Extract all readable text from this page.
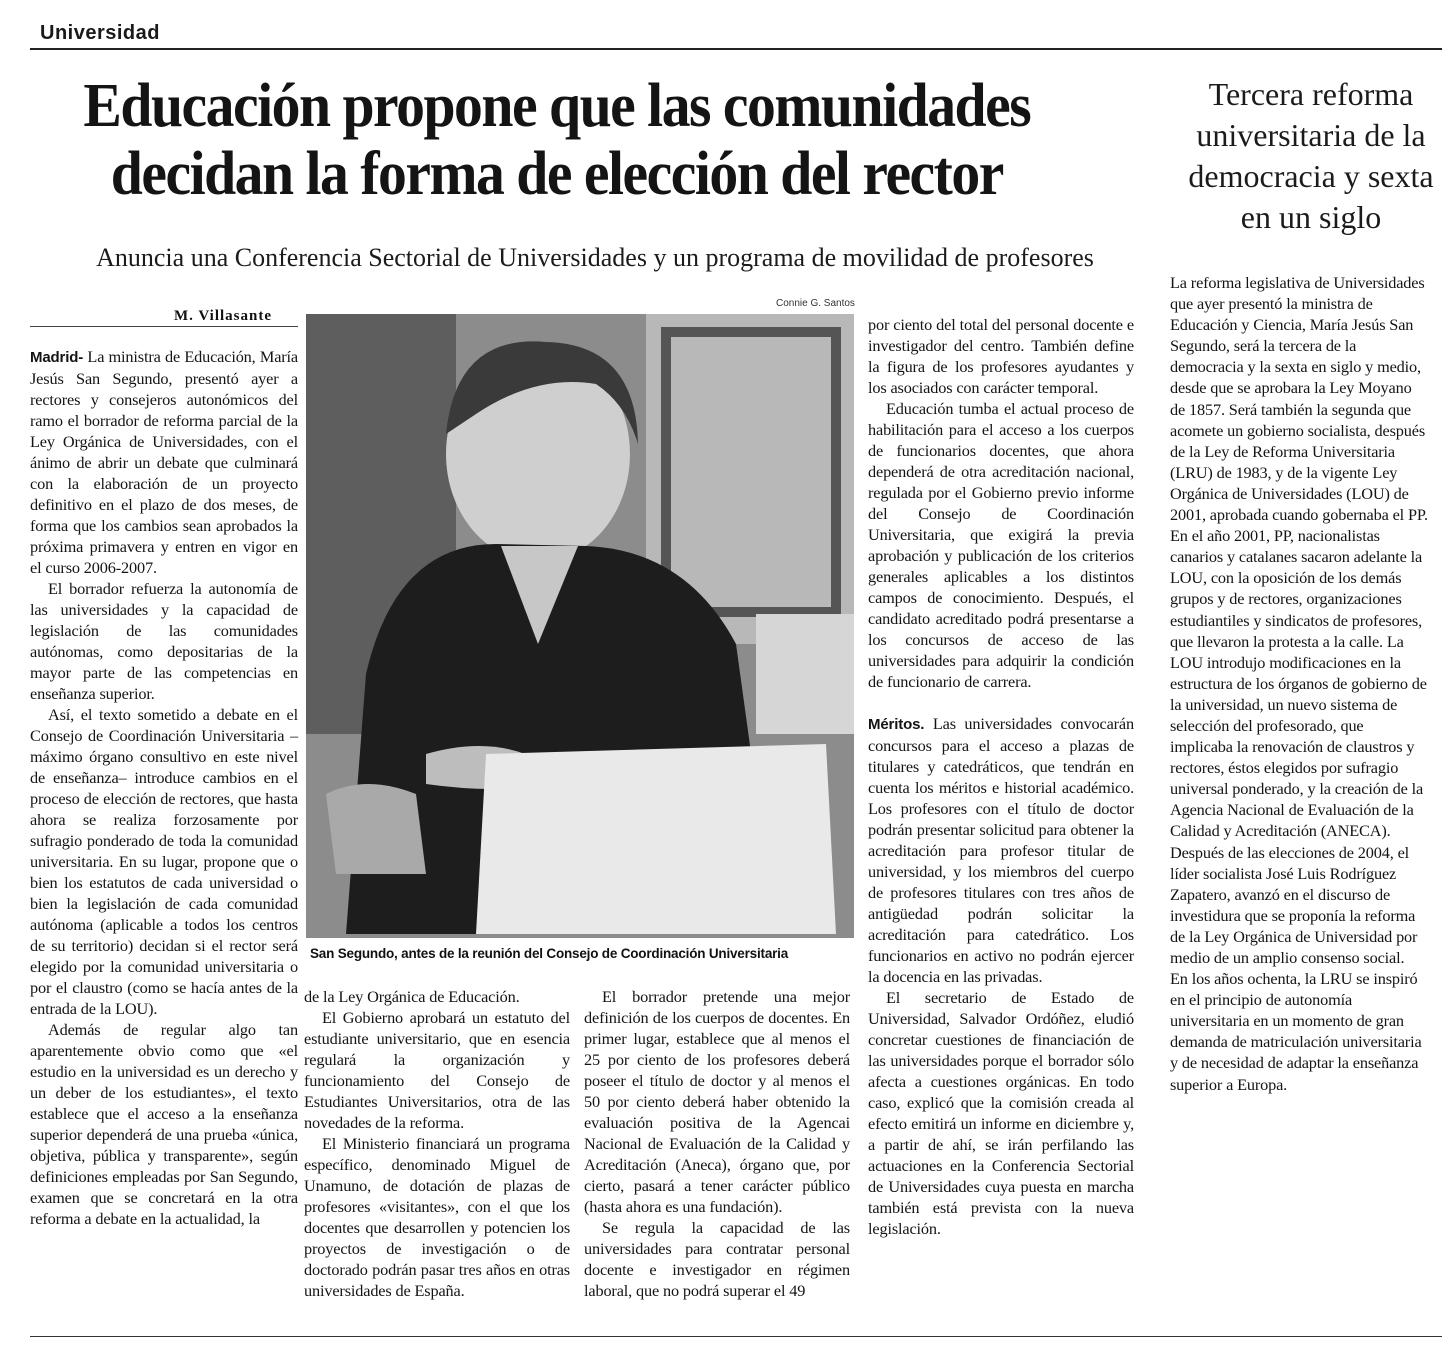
Universidad
Educación propone que las comunidades decidan la forma de elección del rector
Tercera reforma universitaria de la democracia y sexta en un siglo
Anuncia una Conferencia Sectorial de Universidades y un programa de movilidad de profesores
M. Villasante
Connie G. Santos
San Segundo, antes de la reunión del Consejo de Coordinación Universitaria

Madrid- La ministra de Educación, María Jesús San Segundo, presentó ayer a rectores y consejeros autonómicos del ramo el borrador de reforma parcial de la Ley Orgánica de Universidades, con el ánimo de abrir un debate que culminará con la elaboración de un proyecto definitivo en el plazo de dos meses, de forma que los cambios sean aprobados la próxima primavera y entren en vigor en el curso 2006-2007.

El borrador refuerza la autonomía de las universidades y la capacidad de legislación de las comunidades autónomas, como depositarias de la mayor parte de las competencias en enseñanza superior.

Así, el texto sometido a debate en el Consejo de Coordinación Universitaria –máximo órgano consultivo en este nivel de enseñanza– introduce cambios en el proceso de elección de rectores, que hasta ahora se realiza forzosamente por sufragio ponderado de toda la comunidad universitaria. En su lugar, propone que o bien los estatutos de cada universidad o bien la legislación de cada comunidad autónoma (aplicable a todos los centros de su territorio) decidan si el rector será elegido por la comunidad universitaria o por el claustro (como se hacía antes de la entrada de la LOU).

Además de regular algo tan aparentemente obvio como que «el estudio en la universidad es un derecho y un deber de los estudiantes», el texto establece que el acceso a la enseñanza superior dependerá de una prueba «única, objetiva, pública y transparente», según definiciones empleadas por San Segundo, examen que se concretará en la otra reforma a debate en la actualidad, la

de la Ley Orgánica de Educación.

El Gobierno aprobará un estatuto del estudiante universitario, que en esencia regulará la organización y funcionamiento del Consejo de Estudiantes Universitarios, otra de las novedades de la reforma.

El Ministerio financiará un programa específico, denominado Miguel de Unamuno, de dotación de plazas de profesores «visitantes», con el que los docentes que desarrollen y potencien los proyectos de investigación o de doctorado podrán pasar tres años en otras universidades de España.

El borrador pretende una mejor definición de los cuerpos de docentes. En primer lugar, establece que al menos el 25 por ciento de los profesores deberá poseer el título de doctor y al menos el 50 por ciento deberá haber obtenido la evaluación positiva de la Agencai Nacional de Evaluación de la Calidad y Acreditación (Aneca), órgano que, por cierto, pasará a tener carácter público (hasta ahora es una fundación).

Se regula la capacidad de las universidades para contratar personal docente e investigador en régimen laboral, que no podrá superar el 49

por ciento del total del personal docente e investigador del centro. También define la figura de los profesores ayudantes y los asociados con carácter temporal.

Educación tumba el actual proceso de habilitación para el acceso a los cuerpos de funcionarios docentes, que ahora dependerá de otra acreditación nacional, regulada por el Gobierno previo informe del Consejo de Coordinación Universitaria, que exigirá la previa aprobación y publicación de los criterios generales aplicables a los distintos campos de conocimiento. Después, el candidato acreditado podrá presentarse a los concursos de acceso de las universidades para adquirir la condición de funcionario de carrera.

Méritos. Las universidades convocarán concursos para el acceso a plazas de titulares y catedráticos, que tendrán en cuenta los méritos e historial académico. Los profesores con el título de doctor podrán presentar solicitud para obtener la acreditación para profesor titular de universidad, y los miembros del cuerpo de profesores titulares con tres años de antigüedad podrán solicitar la acreditación para catedrático. Los funcionarios en activo no podrán ejercer la docencia en las privadas.

El secretario de Estado de Universidad, Salvador Ordóñez, eludió concretar cuestiones de financiación de las universidades porque el borrador sólo afecta a cuestiones orgánicas. En todo caso, explicó que la comisión creada al efecto emitirá un informe en diciembre y, a partir de ahí, se irán perfilando las actuaciones en la Conferencia Sectorial de Universidades cuya puesta en marcha también está prevista con la nueva legislación.

La reforma legislativa de Universidades que ayer presentó la ministra de Educación y Ciencia, María Jesús San Segundo, será la tercera de la democracia y la sexta en siglo y medio, desde que se aprobara la Ley Moyano de 1857. Será también la segunda que acomete un gobierno socialista, después de la Ley de Reforma Universitaria (LRU) de 1983, y de la vigente Ley Orgánica de Universidades (LOU) de 2001, aprobada cuando gobernaba el PP. En el año 2001, PP, nacionalistas canarios y catalanes sacaron adelante la LOU, con la oposición de los demás grupos y de rectores, organizaciones estudiantiles y sindicatos de profesores, que llevaron la protesta a la calle. La LOU introdujo modificaciones en la estructura de los órganos de gobierno de la universidad, un nuevo sistema de selección del profesorado, que implicaba la renovación de claustros y rectores, éstos elegidos por sufragio universal ponderado, y la creación de la Agencia Nacional de Evaluación de la Calidad y Acreditación (ANECA). Después de las elecciones de 2004, el líder socialista José Luis Rodríguez Zapatero, avanzó en el discurso de investidura que se proponía la reforma de la Ley Orgánica de Universidad por medio de un amplio consenso social.

En los años ochenta, la LRU se inspiró en el principio de autonomía universitaria en un momento de gran demanda de matriculación universitaria y de necesidad de adaptar la enseñanza superior a Europa.
